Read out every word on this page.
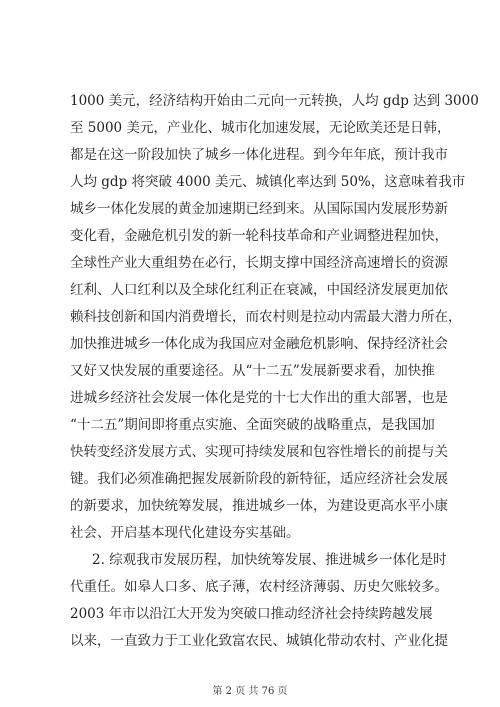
1000 美元，经济结构开始由二元向一元转换，人均 gdp 达到 3000
至 5000 美元，产业化、城市化加速发展，无论欧美还是日韩，
都是在这一阶段加快了城乡一体化进程。到今年年底，预计我市
人均 gdp 将突破 4000 美元、城镇化率达到 50%，这意味着我市
城乡一体化发展的黄金加速期已经到来。从国际国内发展形势新
变化看，金融危机引发的新一轮科技革命和产业调整进程加快，
全球性产业大重组势在必行，长期支撑中国经济高速增长的资源
红利、人口红利以及全球化红利正在衰减，中国经济发展更加依
赖科技创新和国内消费增长，而农村则是拉动内需最大潜力所在，
加快推进城乡一体化成为我国应对金融危机影响、保持经济社会
又好又快发展的重要途径。从“十二五”发展新要求看，加快推
进城乡经济社会发展一体化是党的十七大作出的重大部署，也是
“十二五”期间即将重点实施、全面突破的战略重点，是我国加
快转变经济发展方式、实现可持续发展和包容性增长的前提与关
键。我们必须准确把握发展新阶段的新特征，适应经济社会发展
的新要求，加快统筹发展，推进城乡一体，为建设更高水平小康
社会、开启基本现代化建设夯实基础。
2. 综观我市发展历程，加快统筹发展、推进城乡一体化是时
代重任。如皋人口多、底子薄，农村经济薄弱、历史欠账较多。
2003 年市以沿江大开发为突破口推动经济社会持续跨越发展
以来，一直致力于工业化致富农民、城镇化带动农村、产业化提
第 2 页 共 76 页
